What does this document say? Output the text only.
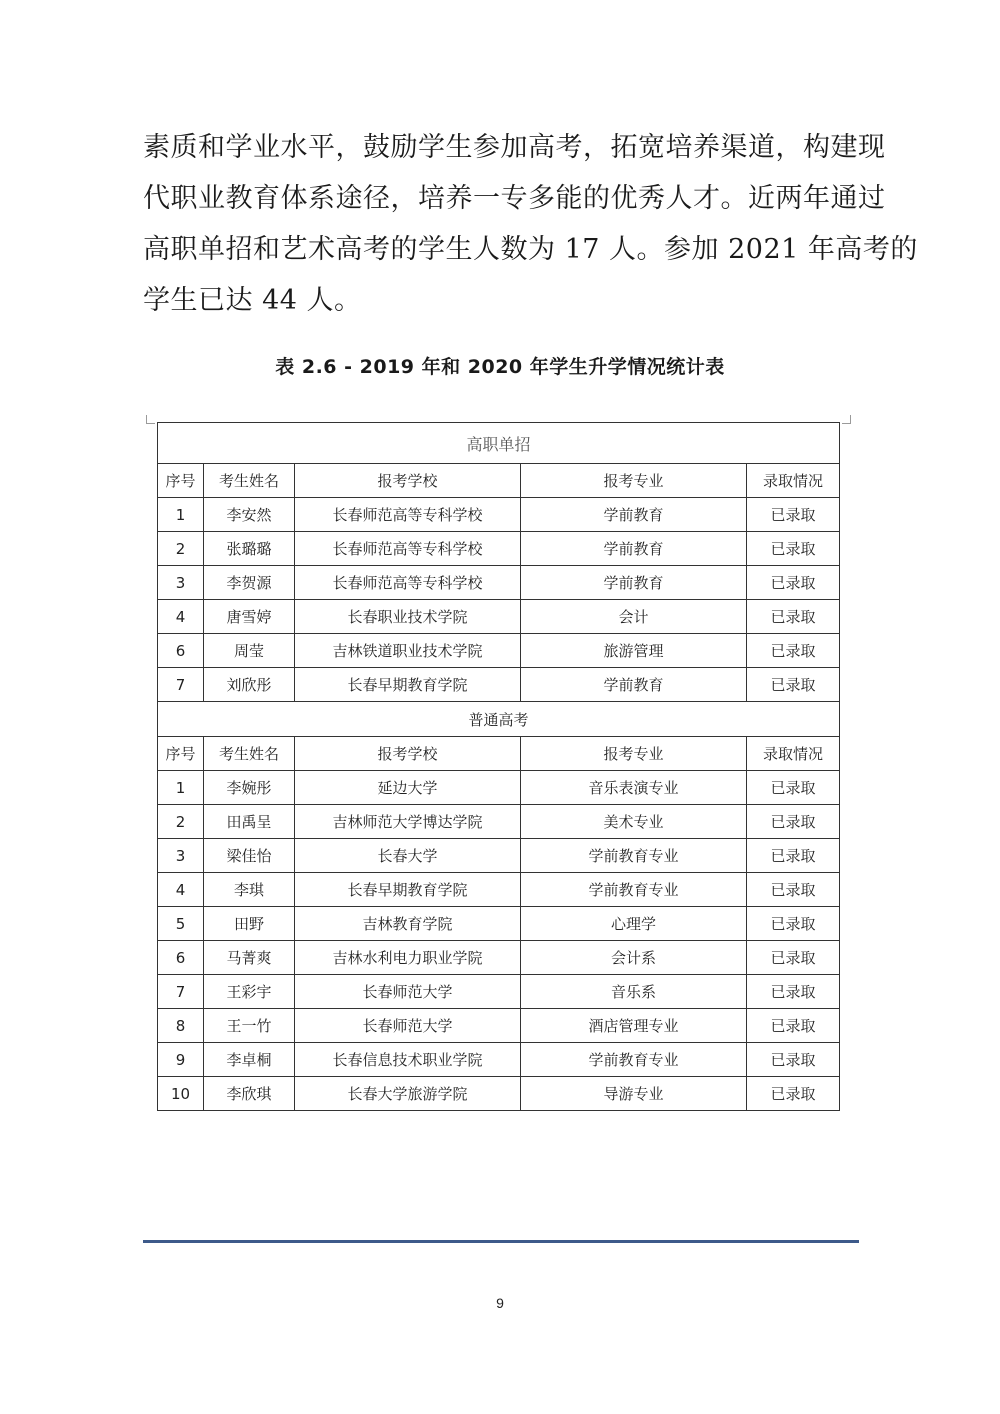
素质和学业水平，鼓励学生参加高考，拓宽培养渠道，构建现
代职业教育体系途径，培养一专多能的优秀人才。近两年通过
高职单招和艺术高考的学生人数为 17 人。参加 2021 年高考的
学生已达 44 人。
表 2.6 - 2019 年和 2020 年学生升学情况统计表
高职单招				
序号	考生姓名	报考学校	报考专业	录取情况
1	李安然	长春师范高等专科学校	学前教育	已录取
2	张璐璐	长春师范高等专科学校	学前教育	已录取
3	李贺源	长春师范高等专科学校	学前教育	已录取
4	唐雪婷	长春职业技术学院	会计	已录取
6	周莹	吉林铁道职业技术学院	旅游管理	已录取
7	刘欣彤	长春早期教育学院	学前教育	已录取
普通高考				
序号	考生姓名	报考学校	报考专业	录取情况
1	李婉彤	延边大学	音乐表演专业	已录取
2	田禹呈	吉林师范大学博达学院	美术专业	已录取
3	梁佳怡	长春大学	学前教育专业	已录取
4	李琪	长春早期教育学院	学前教育专业	已录取
5	田野	吉林教育学院	心理学	已录取
6	马菁爽	吉林水利电力职业学院	会计系	已录取
7	王彩宇	长春师范大学	音乐系	已录取
8	王一竹	长春师范大学	酒店管理专业	已录取
9	李卓桐	长春信息技术职业学院	学前教育专业	已录取
10	李欣琪	长春大学旅游学院	导游专业	已录取
9
